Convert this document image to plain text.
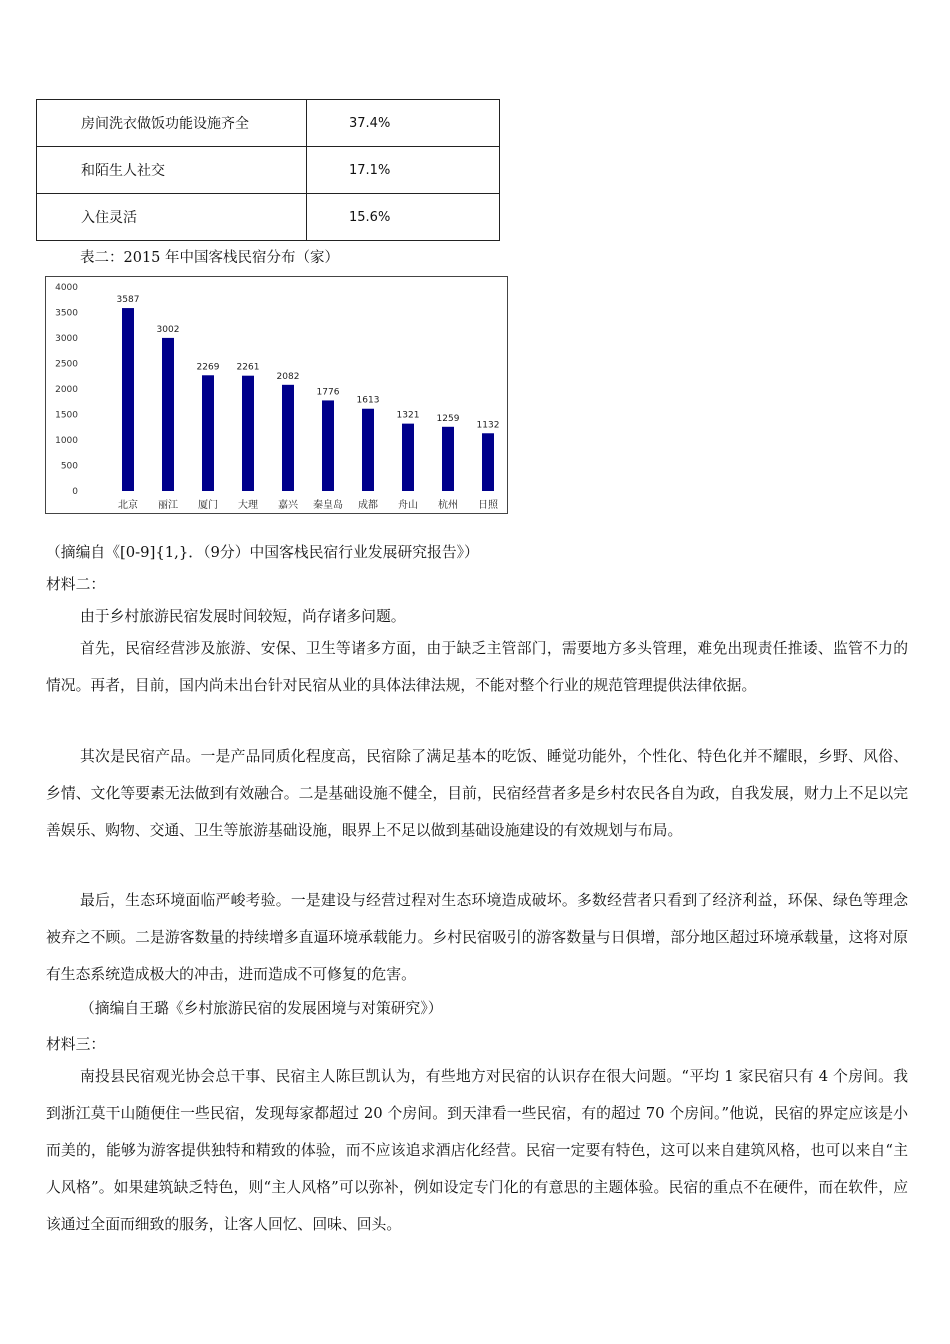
房间洗衣做饭功能设施齐全	37.4%
和陌生人社交	17.1%
入住灵活	15.6%

表二：2015 年中国客栈民宿分布（家）

0
500
1000
1500
2000
2500
3000
3500
4000
3587
北京
3002
丽江
2269
厦门
2261
大理
2082
嘉兴
1776
秦皇岛
1613
成都
1321
舟山
1259
杭州
1132
日照

（摘编自《[0-9]{1,}．（9分）中国客栈民宿行业发展研究报告》）

材料二：

由于乡村旅游民宿发展时间较短，尚存诸多问题。

首先，民宿经营涉及旅游、安保、卫生等诸多方面，由于缺乏主管部门，需要地方多头管理，难免出现责任推诿、监管不力的情况。再者，目前，国内尚未出台针对民宿从业的具体法律法规，不能对整个行业的规范管理提供法律依据。

其次是民宿产品。一是产品同质化程度高，民宿除了满足基本的吃饭、睡觉功能外，个性化、特色化并不耀眼，乡野、风俗、乡情、文化等要素无法做到有效融合。二是基础设施不健全，目前，民宿经营者多是乡村农民各自为政，自我发展，财力上不足以完善娱乐、购物、交通、卫生等旅游基础设施，眼界上不足以做到基础设施建设的有效规划与布局。

最后，生态环境面临严峻考验。一是建设与经营过程对生态环境造成破坏。多数经营者只看到了经济利益，环保、绿色等理念被弃之不顾。二是游客数量的持续增多直逼环境承载能力。乡村民宿吸引的游客数量与日俱增，部分地区超过环境承载量，这将对原有生态系统造成极大的冲击，进而造成不可修复的危害。

（摘编自王璐《乡村旅游民宿的发展困境与对策研究》）

材料三：

南投县民宿观光协会总干事、民宿主人陈巨凯认为，有些地方对民宿的认识存在很大问题。“平均 1 家民宿只有 4 个房间。我到浙江莫干山随便住一些民宿，发现每家都超过 20 个房间。到天津看一些民宿，有的超过 70 个房间。”他说，民宿的界定应该是小而美的，能够为游客提供独特和精致的体验，而不应该追求酒店化经营。民宿一定要有特色，这可以来自建筑风格，也可以来自“主人风格”。如果建筑缺乏特色，则“主人风格”可以弥补，例如设定专门化的有意思的主题体验。民宿的重点不在硬件，而在软件，应该通过全面而细致的服务，让客人回忆、回味、回头。
